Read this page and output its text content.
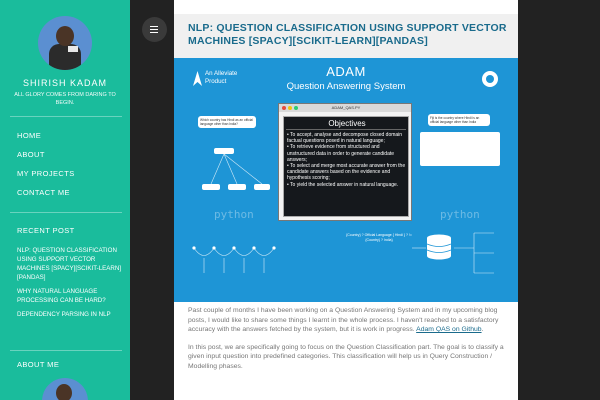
SHIRISH KADAM
ALL GLORY COMES FROM DARING TO BEGIN.
HOME
ABOUT
MY PROJECTS
CONTACT ME
RECENT POST
NLP: QUESTION CLASSIFICATION USING SUPPORT VECTOR MACHINES [SPACY][SCIKIT-LEARN][PANDAS]
WHY NATURAL LANGUAGE PROCESSING CAN BE HARD?
DEPENDENCY PARSING IN NLP
ABOUT ME
NLP: QUESTION CLASSIFICATION USING SUPPORT VECTOR MACHINES [SPACY][SCIKIT-LEARN][PANDAS]
An Alleviate
Product
ADAM
Question Answering System
python	python
Which country has Hindi as an official language other than India?
Fiji is the country where Hindi is an official language other than India
ADAM_QAS.PY
Objectives
• To accept, analyse and decompose closed domain factual questions posed in natural language;
• To retrieve evidence from structured and unstructured data in order to generate candidate answers;
• To select and merge most accurate answer from the candidate answers based on the evidence and hypothesis scoring;
• To yield the selected answer in natural language.
{Country} ? Official Language { Hindi } ? != {Country} ? India}

Past couple of months I have been working on a Question Answering System and in my upcoming blog posts, I would like to share some things I learnt in the whole process. I haven't reached to a satisfactory accuracy with the answers fetched by the system, but it is work in progress. Adam QAS on Github.

In this post, we are specifically going to focus on the Question Classification part. The goal is to classify a given input question into predefined categories. This classification will help us in Query Construction / Modelling phases.
